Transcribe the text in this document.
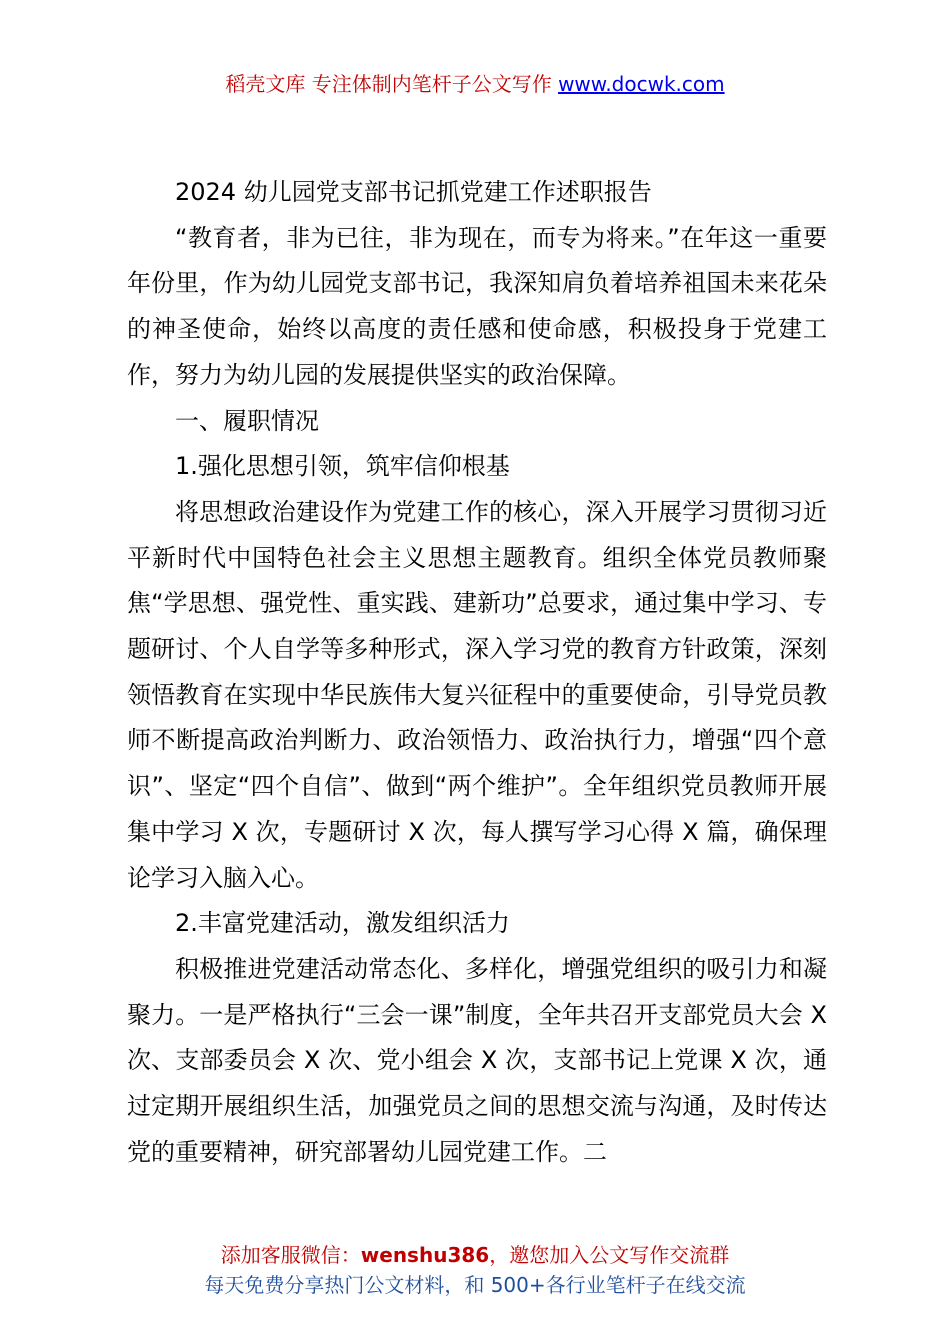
稻壳文库 专注体制内笔杆子公文写作 www.docwk.com

2024 幼儿园党支部书记抓党建工作述职报告

“教育者，非为已往，非为现在，而专为将来。”在年这一重要年份里，作为幼儿园党支部书记，我深知肩负着培养祖国未来花朵的神圣使命，始终以高度的责任感和使命感，积极投身于党建工作，努力为幼儿园的发展提供坚实的政治保障。

一、履职情况

1.强化思想引领，筑牢信仰根基

将思想政治建设作为党建工作的核心，深入开展学习贯彻习近平新时代中国特色社会主义思想主题教育。组织全体党员教师聚焦“学思想、强党性、重实践、建新功”总要求，通过集中学习、专题研讨、个人自学等多种形式，深入学习党的教育方针政策，深刻领悟教育在实现中华民族伟大复兴征程中的重要使命，引导党员教师不断提高政治判断力、政治领悟力、政治执行力，增强“四个意识”、坚定“四个自信”、做到“两个维护”。全年组织党员教师开展集中学习 X 次，专题研讨 X 次，每人撰写学习心得 X 篇，确保理论学习入脑入心。

2.丰富党建活动，激发组织活力

积极推进党建活动常态化、多样化，增强党组织的吸引力和凝聚力。一是严格执行“三会一课”制度，全年共召开支部党员大会 X 次、支部委员会 X 次、党小组会 X 次，支部书记上党课 X 次，通过定期开展组织生活，加强党员之间的思想交流与沟通，及时传达党的重要精神，研究部署幼儿园党建工作。二

添加客服微信：wenshu386，邀您加入公文写作交流群
每天免费分享热门公文材料，和 500+各行业笔杆子在线交流
